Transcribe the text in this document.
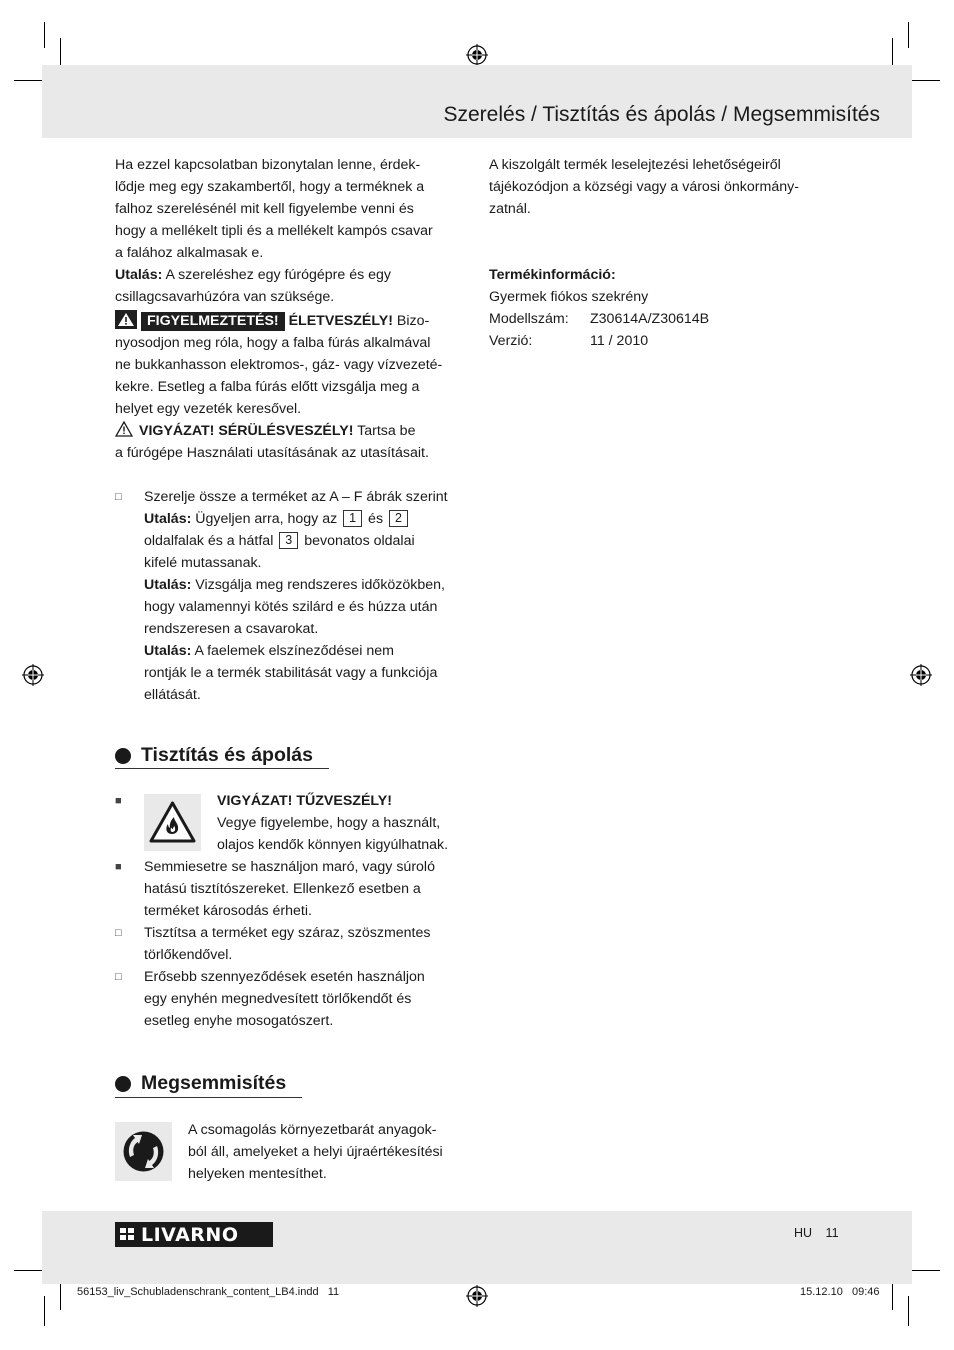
Szerelés / Tisztítás és ápolás / Megsemmisítés
Ha ezzel kapcsolatban bizonytalan lenne, érdek-
lődje meg egy szakambertől, hogy a terméknek a
falhoz szerelésénél mit kell figyelembe venni és
hogy a mellékelt tipli és a mellékelt kampós csavar
a falához alkalmasak e.
Utalás: A szereléshez egy fúrógépre és egy
csillagcsavarhúzóra van szüksége.
FIGYELMEZTETÉS! ÉLETVESZÉLY! Bizo-
nyosodjon meg róla, hogy a falba fúrás alkalmával
ne bukkanhasson elektromos-, gáz- vagy vízvezeté-
kekre. Esetleg a falba fúrás előtt vizsgálja meg a
helyet egy vezeték keresővel.
VIGYÁZAT! SÉRÜLÉSVESZÉLY! Tartsa be
a fúrógépe Használati utasításának az utasításait.
□ Szerelje össze a terméket az A – F ábrák szerint
Utalás: Ügyeljen arra, hogy az 1 és 2
oldalfalak és a hátfal 3 bevonatos oldalai
kifelé mutassanak.
Utalás: Vizsgálja meg rendszeres időközökben,
hogy valamennyi kötés szilárd e és húzza után
rendszeresen a csavarokat.
Utalás: A faelemek elszíneződései nem
rontják le a termék stabilitását vagy a funkciója
ellátását.
Tisztítás és ápolás
■	VIGYÁZAT! TŰZVESZÉLY!
Vegye figyelembe, hogy a használt,
olajos kendők könnyen kigyúlhatnak.
■ Semmiesetre se használjon maró, vagy súroló
hatású tisztítószereket. Ellenkező esetben a
terméket károsodás érheti.
□ Tisztítsa a terméket egy száraz, szöszmentes
törlőkendővel.
□ Erősebb szennyeződések esetén használjon
egy enyhén megnedvesített törlőkendőt és
esetleg enyhe mosogatószert.
Megsemmisítés
A csomagolás környezetbarát anyagok-
ból áll, amelyeket a helyi újraértékesítési
helyeken mentesíthet.
A kiszolgált termék leselejtezési lehetőségeiről
tájékozódjon a községi vagy a városi önkormány-
zatnál.
Termékinformáció:
Gyermek fiókos szekrény
Modellszám: Z30614A/Z30614B
Verzió:	11 / 2010
LIVARNO	HU 11
56153_liv_Schubladenschrank_content_LB4.indd   11	15.12.10   09:46
